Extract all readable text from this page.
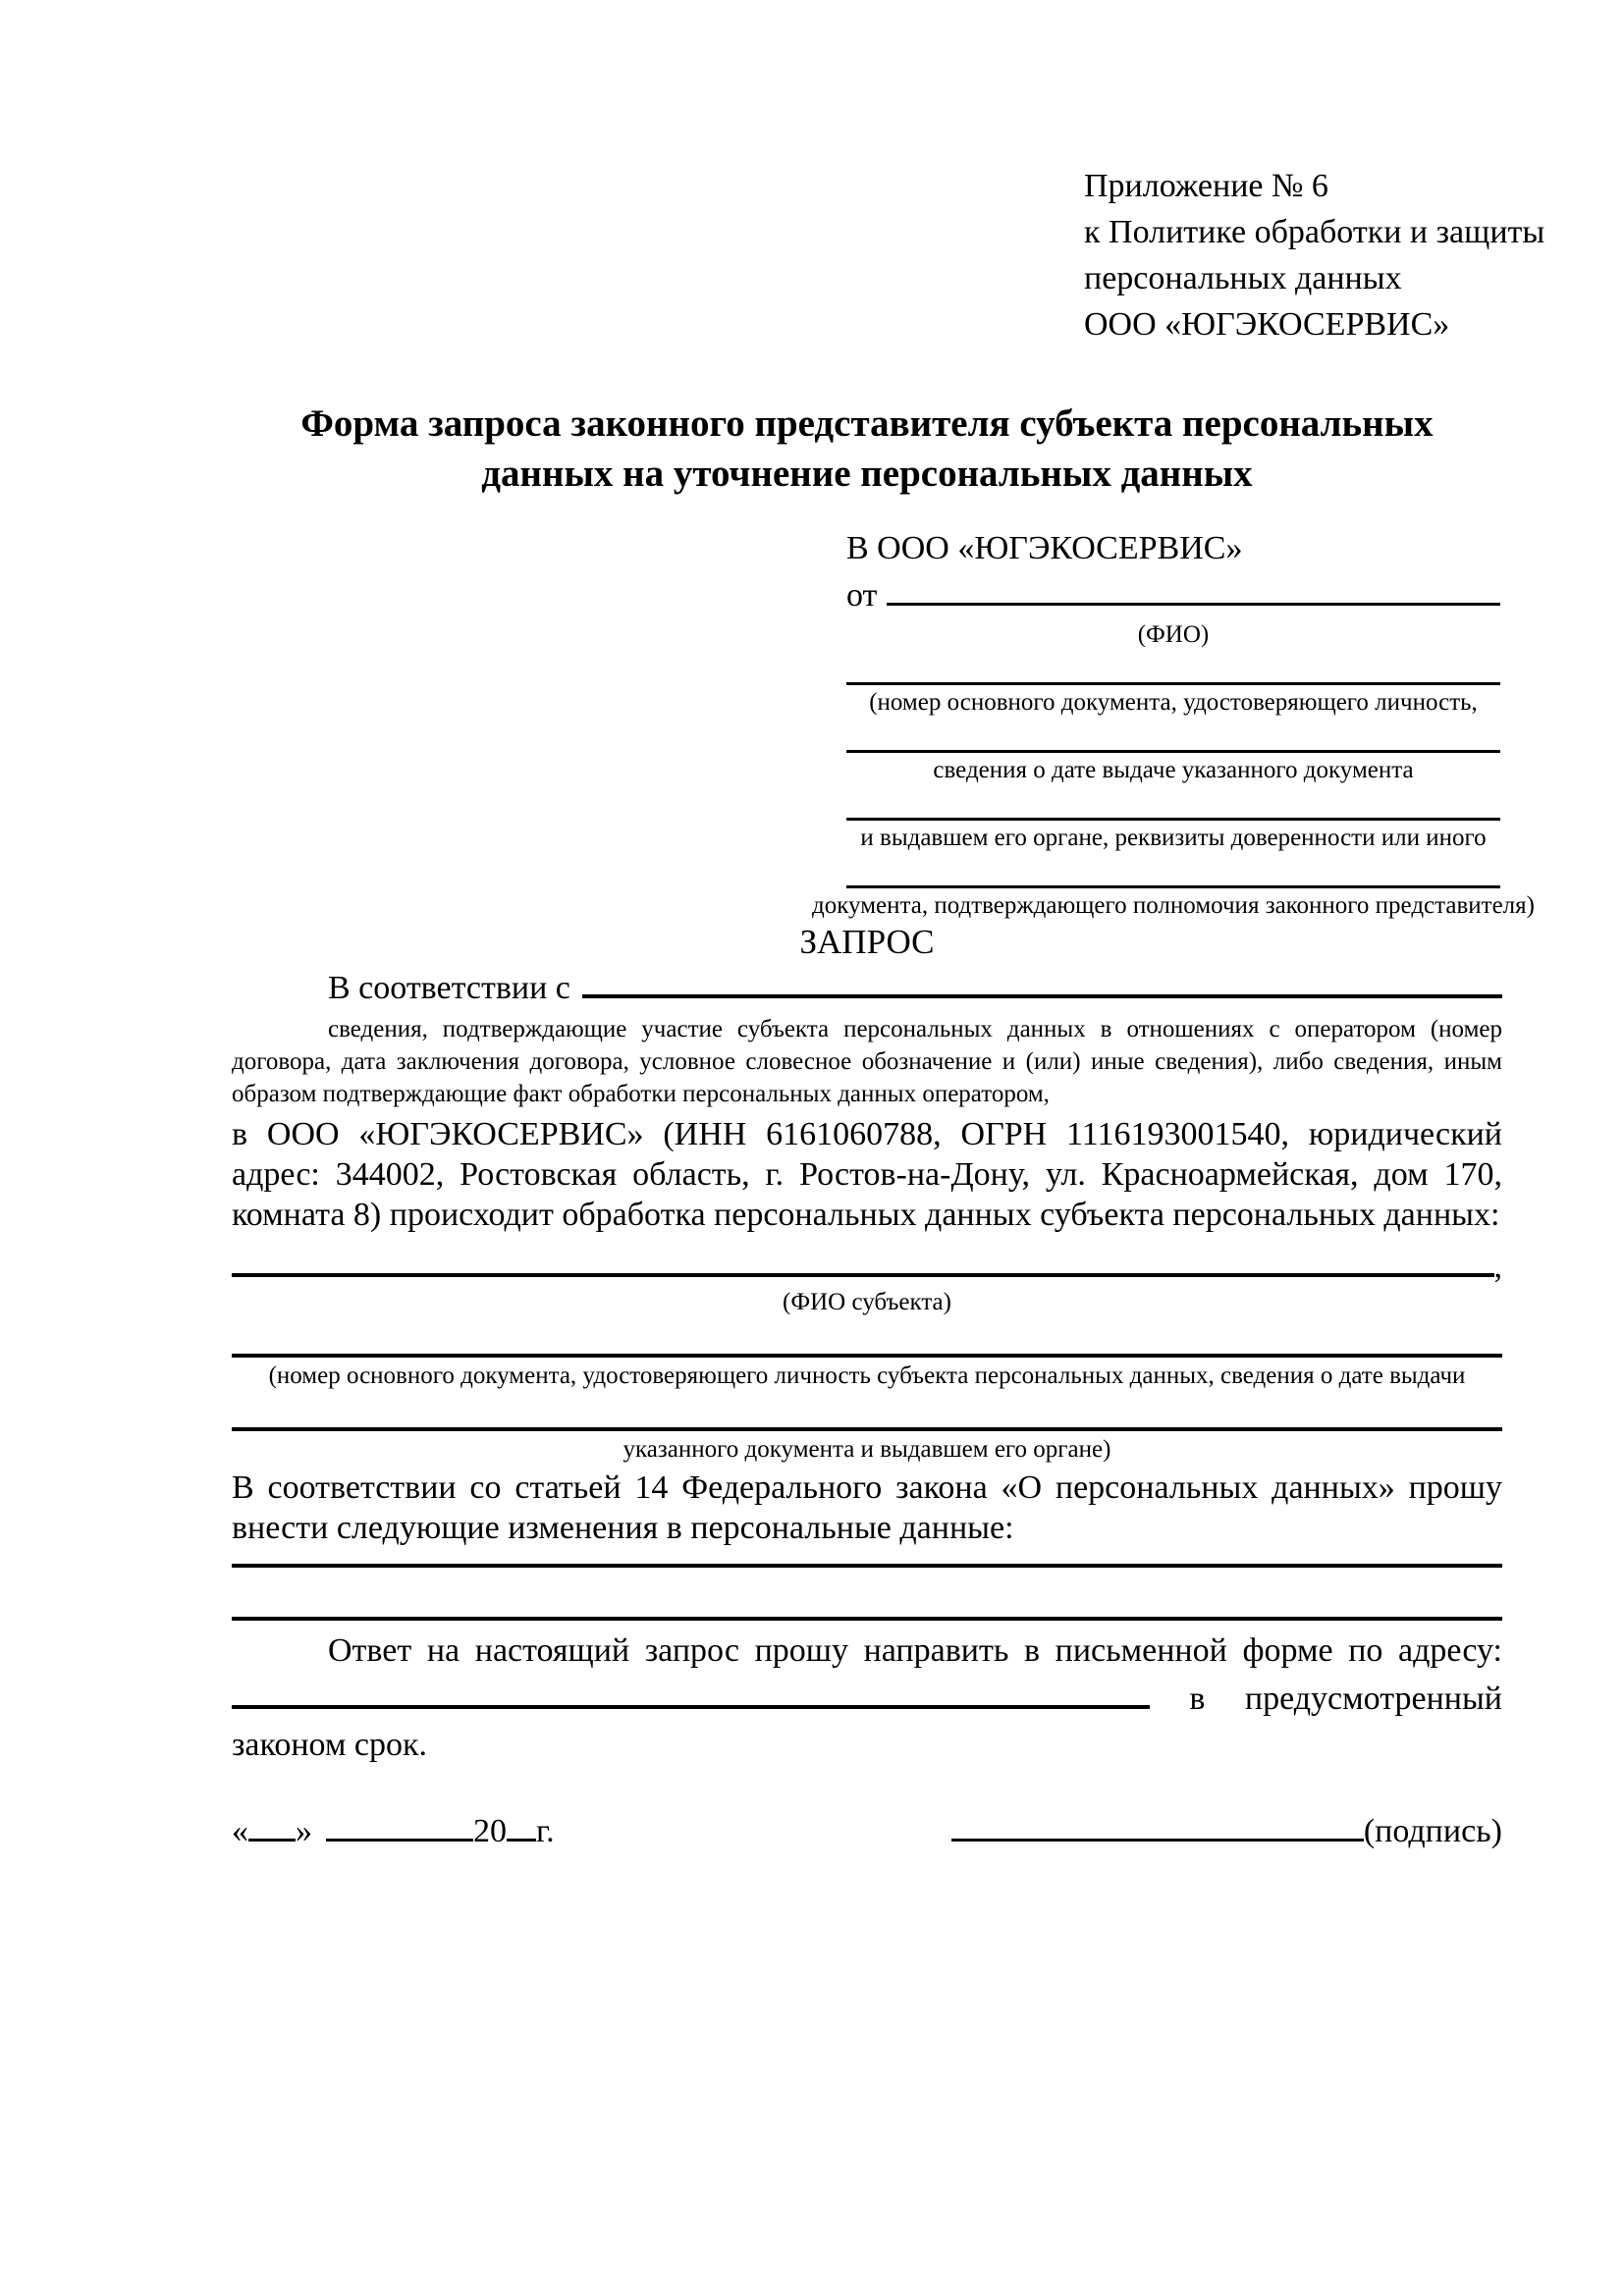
Приложение № 6
к Политике обработки и защиты
персональных данных
ООО «ЮГЭКОСЕРВИС»
Форма запроса законного представителя субъекта персональных данных на уточнение персональных данных
В ООО «ЮГЭКОСЕРВИС»
от
(ФИО)
(номер основного документа, удостоверяющего личность,
сведения о дате выдаче указанного документа
и выдавшем его органе, реквизиты доверенности или иного
документа, подтверждающего полномочия законного представителя)
ЗАПРОС
В соответствии с
сведения, подтверждающие участие субъекта персональных данных в отношениях с оператором (номер договора, дата заключения договора, условное словесное обозначение и (или) иные сведения), либо сведения, иным образом подтверждающие факт обработки персональных данных оператором,
в ООО «ЮГЭКОСЕРВИС» (ИНН 6161060788, ОГРН 1116193001540, юридический адрес: 344002, Ростовская область, г. Ростов-на-Дону, ул. Красноармейская, дом 170, комната 8) происходит обработка персональных данных субъекта персональных данных:
,
(ФИО субъекта)
(номер основного документа, удостоверяющего личность субъекта персональных данных, сведения о дате выдачи
указанного документа и выдавшем его органе)
В соответствии со статьей 14 Федерального закона «О персональных данных» прошу внести следующие изменения в персональные данные:
Ответ на настоящий запрос прошу направить в письменной форме по адресу:
в предусмотренный
законом срок.
« »	20 г.	(подпись)
